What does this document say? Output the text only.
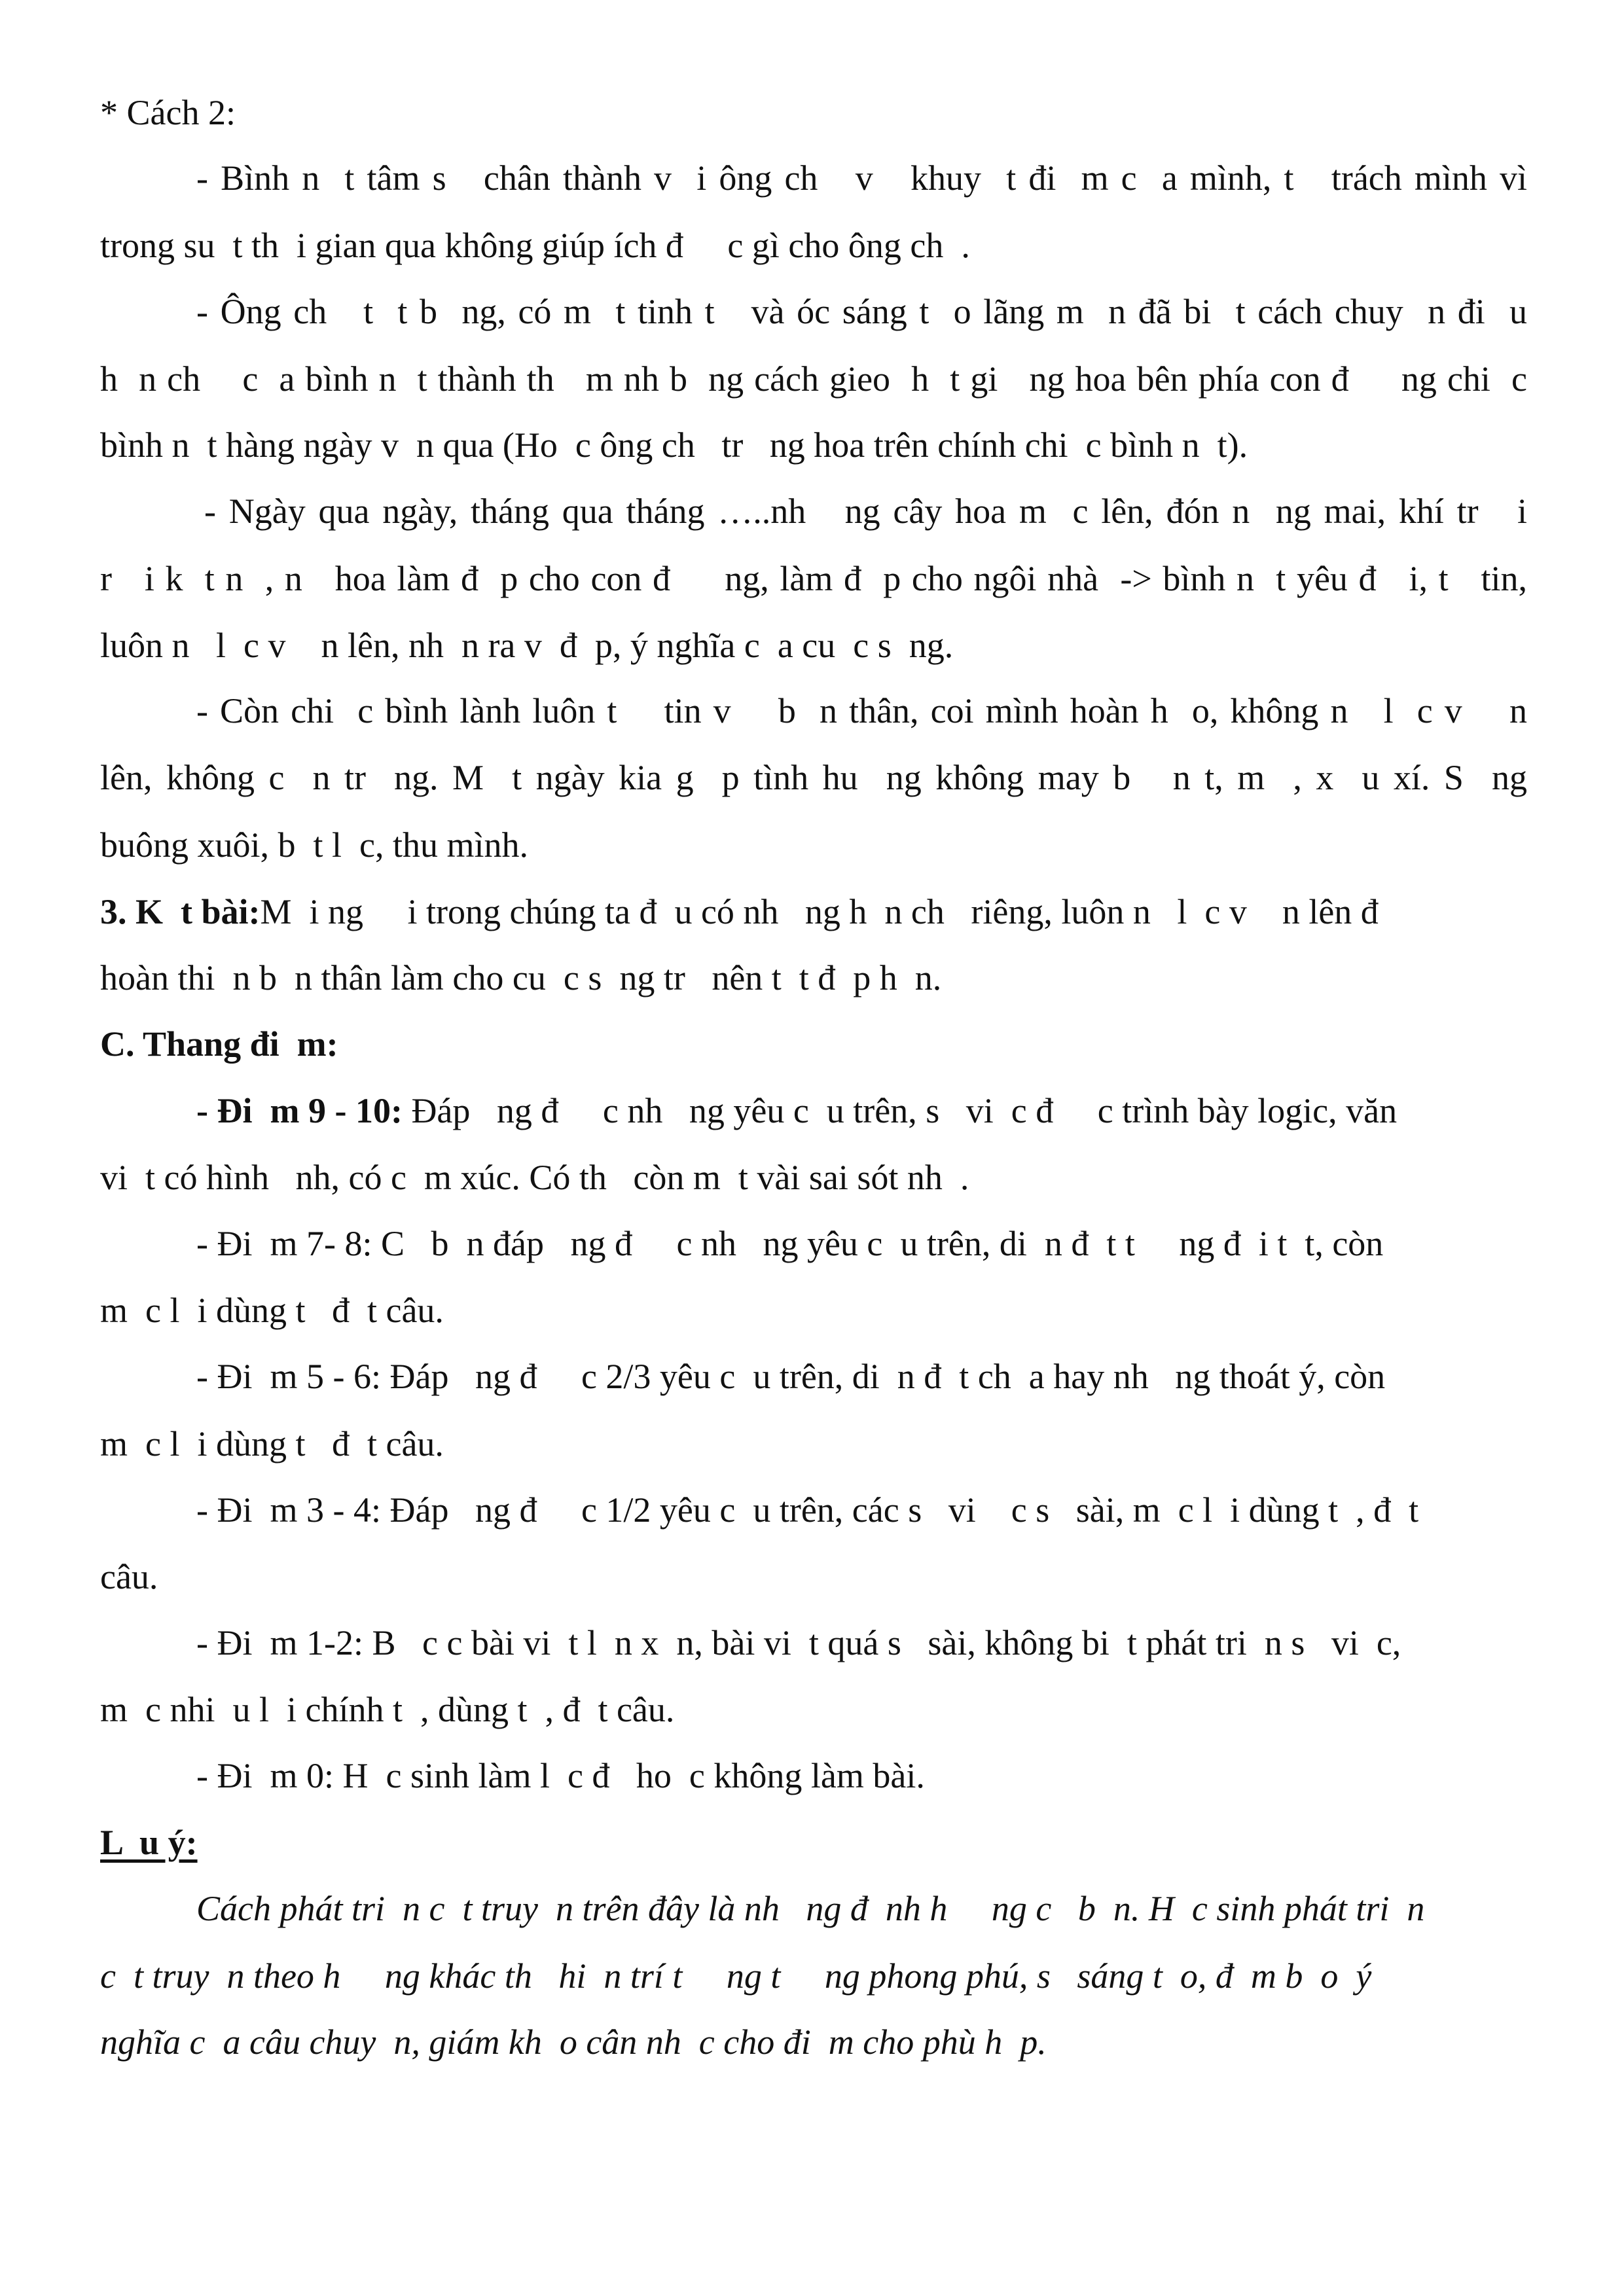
* Cách 2:

- Bình n  t tâm s   chân thành v  i ông ch   v   khuy  t đi  m c  a mình, t   trách mình vì

trong su  t th  i gian qua không giúp ích đ     c gì cho ông ch  .

- Ông ch   t  t b  ng, có m  t tinh t   và óc sáng t  o lãng m  n đã bi  t cách chuy  n đi  u

h  n ch    c  a bình n  t thành th   m nh b  ng cách gieo  h  t gi   ng hoa bên phía con đ     ng chi  c

bình n  t hàng ngày v  n qua (Ho  c ông ch   tr   ng hoa trên chính chi  c bình n  t).

- Ngày qua ngày, tháng qua tháng …..nh   ng cây hoa m  c lên, đón n  ng mai, khí tr   i

r   i k  t n  , n   hoa làm đ  p cho con đ     ng, làm đ  p cho ngôi nhà  -> bình n  t yêu đ   i, t   tin,

luôn n   l  c v    n lên, nh  n ra v  đ  p, ý nghĩa c  a cu  c s  ng.

- Còn chi  c bình lành luôn t    tin v    b  n thân, coi mình hoàn h  o, không n   l  c v    n

lên, không c  n tr  ng. M  t ngày kia g  p tình hu  ng không may b   n t, m  , x  u xí. S  ng

buông xuôi, b  t l  c, thu mình.

3. K  t bài:M  i ng     i trong chúng ta đ  u có nh   ng h  n ch   riêng, luôn n   l  c v    n lên đ

hoàn thi  n b  n thân làm cho cu  c s  ng tr   nên t  t đ  p h  n.

C. Thang đi  m:

- Đi  m 9 - 10: Đáp   ng đ     c nh   ng yêu c  u trên, s   vi  c đ     c trình bày logic, văn

vi  t có hình   nh, có c  m xúc. Có th   còn m  t vài sai sót nh  .

- Đi  m 7- 8: C   b  n đáp   ng đ     c nh   ng yêu c  u trên, di  n đ  t t     ng đ  i t  t, còn

m  c l  i dùng t   đ  t câu.

- Đi  m 5 - 6: Đáp   ng đ     c 2/3 yêu c  u trên, di  n đ  t ch  a hay nh   ng thoát ý, còn

m  c l  i dùng t   đ  t câu.

- Đi  m 3 - 4: Đáp   ng đ     c 1/2 yêu c  u trên, các s   vi    c s   sài, m  c l  i dùng t  , đ  t

câu.

- Đi  m 1-2: B   c c bài vi  t l  n x  n, bài vi  t quá s   sài, không bi  t phát tri  n s   vi  c,

m  c nhi  u l  i chính t  , dùng t  , đ  t câu.

- Đi  m 0: H  c sinh làm l  c đ   ho  c không làm bài.

L  u ý:

Cách phát tri  n c  t truy  n trên đây là nh   ng đ  nh h     ng c   b  n. H  c sinh phát tri  n

c  t truy  n theo h     ng khác th   hi  n trí t     ng t     ng phong phú, s   sáng t  o, đ  m b  o  ý

nghĩa c  a câu chuy  n, giám kh  o cân nh  c cho đi  m cho phù h  p.
